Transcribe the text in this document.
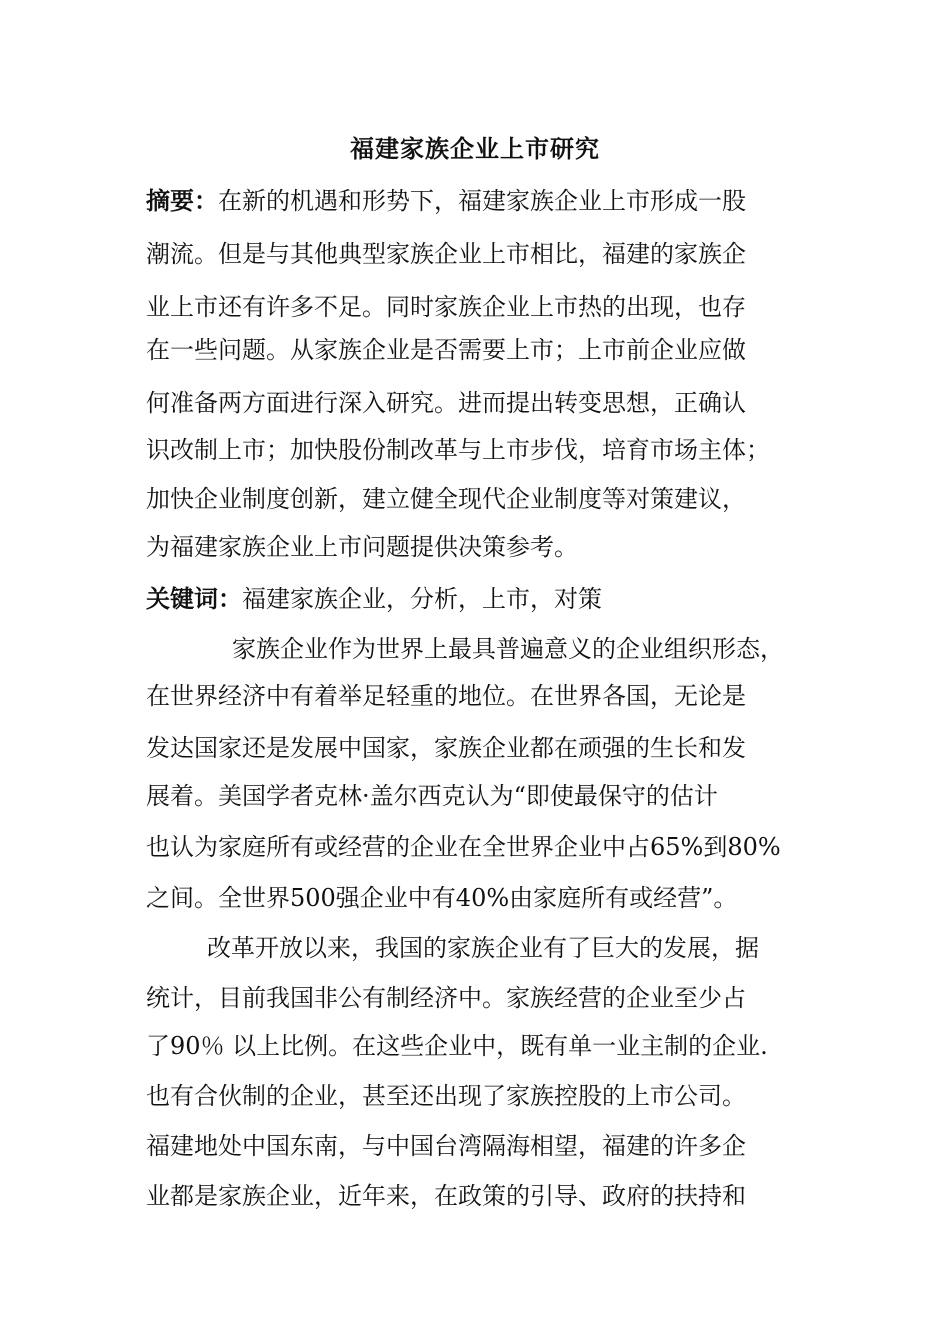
福建家族企业上市研究
摘要：在新的机遇和形势下，福建家族企业上市形成一股
潮流。但是与其他典型家族企业上市相比，福建的家族企
业上市还有许多不足。同时家族企业上市热的出现，也存
在一些问题。从家族企业是否需要上市；上市前企业应做
何准备两方面进行深入研究。进而提出转变思想，正确认
识改制上市；加快股份制改革与上市步伐，培育市场主体；
加快企业制度创新，建立健全现代企业制度等对策建议，
为福建家族企业上市问题提供决策参考。
关键词：福建家族企业，分析，上市，对策
家族企业作为世界上最具普遍意义的企业组织形态，
在世界经济中有着举足轻重的地位。在世界各国，无论是
发达国家还是发展中国家，家族企业都在顽强的生长和发
展着。美国学者克林·盖尔西克认为“即使最保守的估计
也认为家庭所有或经营的企业在全世界企业中占65%到80%
之间。全世界500强企业中有40%由家庭所有或经营”。
改革开放以来，我国的家族企业有了巨大的发展，据
统计，目前我国非公有制经济中。家族经营的企业至少占
了90％ 以上比例。在这些企业中，既有单一业主制的企业.
也有合伙制的企业，甚至还出现了家族控股的上市公司。
福建地处中国东南，与中国台湾隔海相望，福建的许多企
业都是家族企业，近年来，在政策的引导、政府的扶持和
